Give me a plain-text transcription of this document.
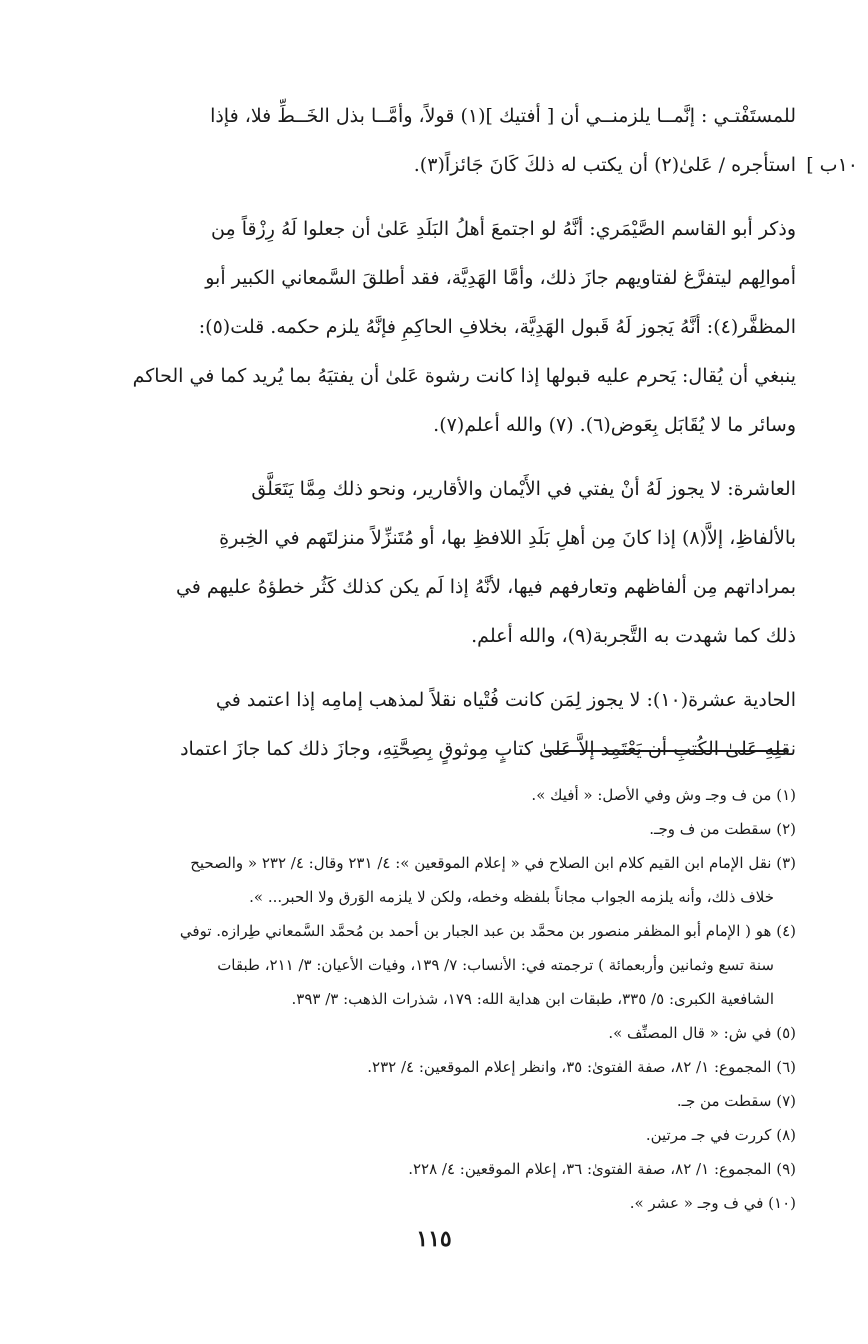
١٠ب ]
للمستَفْتـي : إنَّمــا يلزمنــي أن [ أفتيك ](١) قولاً، وأمَّــا بذل الخَــطِّ فلا، فإذا
استأجره / عَلىٰ(٢) أن يكتب له ذلكَ كَانَ جَائزاً(٣).
وذكر أبو القاسم الصَّيْمَري: أنَّهُ لو اجتمعَ أهلُ البَلَدِ عَلىٰ أن جعلوا لَهُ رِزْقاً مِن
أموالِهم ليتفرَّغ لفتاويهم جازَ ذلك، وأمَّا الهَدِيَّة، فقد أطلقَ السَّمعاني الكبير أبو
المظفَّر(٤): أنَّهُ يَجوز لَهُ قَبول الهَدِيَّة، بخلافِ الحاكِمِ فإنَّهُ يلزم حكمه. قلت(٥):
ينبغي أن يُقال: يَحرم عليه قبولها إذا كانت رشوة عَلىٰ أن يفتيَهُ بما يُريد كما في الحاكم
وسائر ما لا يُقَابَل بِعَوض(٦). (٧) والله أعلم(٧).
العاشرة: لا يجوز لَهُ أنْ يفتي في الأَيْمان والأقارير، ونحو ذلك مِمَّا يَتَعَلَّق
بالألفاظِ، إلاَّ(٨) إذا كانَ مِن أهلِ بَلَدِ اللافظِ بها، أو مُتَنزِّلاً منزلتَهم في الخِبرةِ
بمراداتهم مِن ألفاظهم وتعارفهم فيها، لأنَّهُ إذا لَم يكن كذلك كَثُر خطؤهُ عليهم في
ذلك كما شهدت به التَّجربة(٩)، والله أعلم.
الحادية عشرة(١٠): لا يجوز لِمَن كانت فُتْياه نقلاً لمذهب إمامِه إذا اعتمد في
نقلِهِ عَلىٰ الكُتبِ أن يَعْتَمِد إلاَّ عَلىٰ كتابٍ مِوثوقٍ بِصِحَّتِهِ، وجازَ ذلك كما جازَ اعتماد
(١) من ف وجـ وش وفي الأصل: « أفيك ».
(٢) سقطت من ف وجـ.
(٣) نقل الإمام ابن القيم كلام ابن الصلاح في « إعلام الموقعين »: ٤/ ٢٣١ وقال: ٤/ ٢٣٢ « والصحيح
خلاف ذلك، وأنه يلزمه الجواب مجاناً بلفظه وخطه، ولكن لا يلزمه الوَرق ولا الحبر... ».
(٤) هو ( الإمام أبو المظفر منصور بن محمَّد بن عبد الجبار بن أحمد بن مُحمَّد السَّمعاني طِرازه. توفي
سنة تسع وثمانين وأربعمائة ) ترجمته في: الأنساب: ٧/ ١٣٩، وفيات الأعيان: ٣/ ٢١١، طبقات
الشافعية الكبرى: ٥/ ٣٣٥، طبقات ابن هداية الله: ١٧٩، شذرات الذهب: ٣/ ٣٩٣.
(٥) في ش: « قال المصنِّف ».
(٦) المجموع: ١/ ٨٢، صفة الفتوىٰ: ٣٥، وانظر إعلام الموقعين: ٤/ ٢٣٢.
(٧) سقطت من جـ.
(٨) كررت في جـ مرتين.
(٩) المجموع: ١/ ٨٢، صفة الفتوىٰ: ٣٦، إعلام الموقعين: ٤/ ٢٢٨.
(١٠) في ف وجـ « عشر ».
١١٥
